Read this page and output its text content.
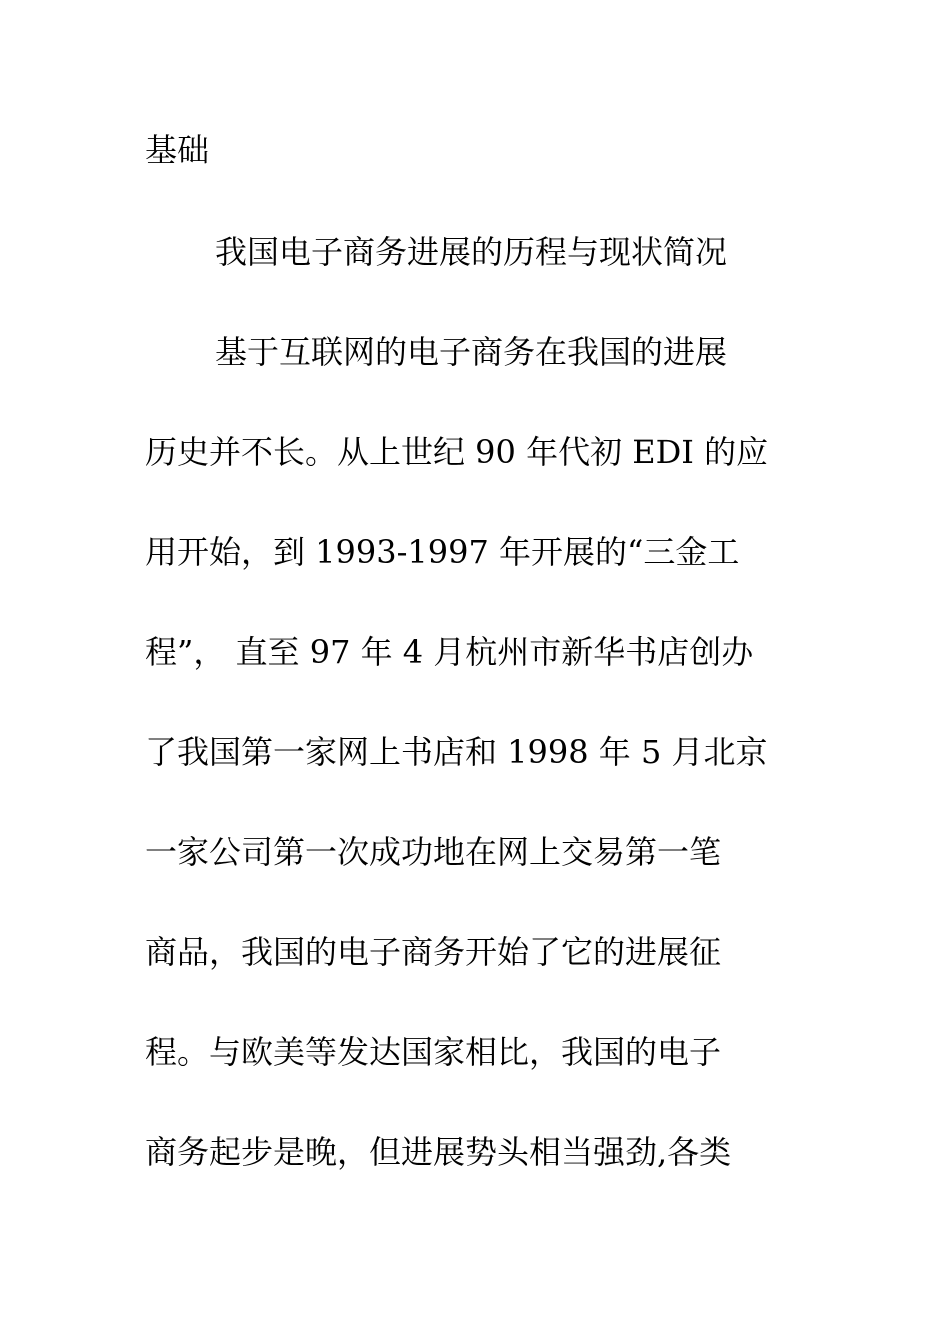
基础
我国电子商务进展的历程与现状简况
基于互联网的电子商务在我国的进展
历史并不长。从上世纪 90 年代初 EDI 的应
用开始，到 1993-1997 年开展的“三金工
程”， 直至 97 年 4 月杭州市新华书店创办
了我国第一家网上书店和 1998 年 5 月北京
一家公司第一次成功地在网上交易第一笔
商品，我国的电子商务开始了它的进展征
程。与欧美等发达国家相比，我国的电子
商务起步是晚，但进展势头相当强劲,各类
